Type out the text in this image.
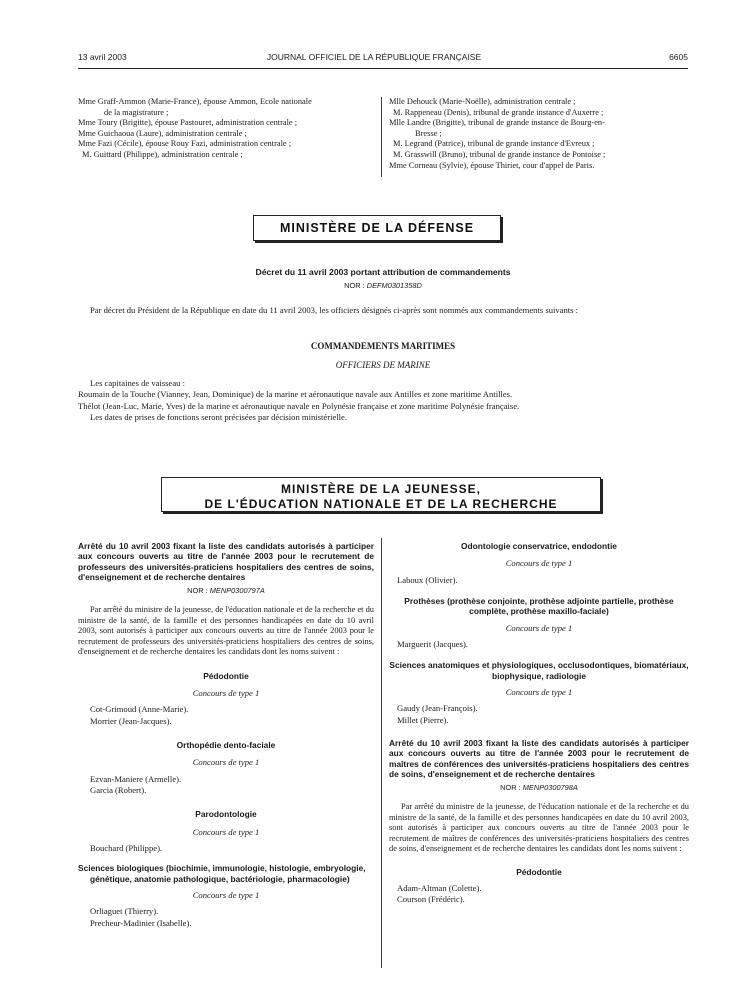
13 avril 2003	JOURNAL OFFICIEL DE LA RÉPUBLIQUE FRANÇAISE	6605

Mme Graff-Ammon (Marie-France), épouse Ammon, Ecole nationale

de la magistrature ;

Mme Toury (Brigitte), épouse Pastouret, administration centrale ;

Mme Guichaoua (Laure), administration centrale ;

Mme Fazi (Cécile), épouse Rouy Fazi, administration centrale ;

M. Guittard (Philippe), administration centrale ;

Mlle Dehouck (Marie-Noëlle), administration centrale ;

M. Rappeneau (Denis), tribunal de grande instance d'Auxerre ;

Mlle Landre (Brigitte), tribunal de grande instance de Bourg-en-

Bresse ;

M. Legrand (Patrice), tribunal de grande instance d'Evreux ;

M. Grasswill (Bruno), tribunal de grande instance de Pontoise ;

Mme Corneau (Sylvie), épouse Thiriet, cour d'appel de Paris.

MINISTÈRE DE LA DÉFENSE
Décret du 11 avril 2003 portant attribution de commandements
NOR : DEFM0301358D
Par décret du Président de la République en date du 11 avril 2003, les officiers désignés ci-après sont nommés aux commandements suivants :
COMMANDEMENTS MARITIMES
OFFICIERS DE MARINE

Les capitaines de vaisseau :

Roumain de la Touche (Vianney, Jean, Dominique) de la marine et aéronautique navale aux Antilles et zone maritime Antilles.

Thélot (Jean-Luc, Marie, Yves) de la marine et aéronautique navale en Polynésie française et zone maritime Polynésie française.

Les dates de prises de fonctions seront précisées par décision ministérielle.

MINISTÈRE DE LA JEUNESSE,
DE L'ÉDUCATION NATIONALE ET DE LA RECHERCHE

Arrêté du 10 avril 2003 fixant la liste des candidats autorisés à participer aux concours ouverts au titre de l'année 2003 pour le recrutement de professeurs des universités-praticiens hospitaliers des centres de soins, d'enseignement et de recherche dentaires

NOR : MENP0300797A

Par arrêté du ministre de la jeunesse, de l'éducation nationale et de la recherche et du ministre de la santé, de la famille et des personnes handicapées en date du 10 avril 2003, sont autorisés à participer aux concours ouverts au titre de l'année 2003 pour le recrutement de professeurs des universités-praticiens hospitaliers des centres de soins, d'enseignement et de recherche dentaires les candidats dont les noms suivent :

Pédodontie

Concours de type 1

Cot-Grimoud (Anne-Marie).

Morrier (Jean-Jacques).

Orthopédie dento-faciale

Concours de type 1

Ezvan-Maniere (Armelle).

Garcia (Robert).

Parodontologie

Concours de type 1

Bouchard (Philippe).

Sciences biologiques (biochimie, immunologie, histologie, embryologie, génétique, anatomie pathologique, bactériologie, pharmacologie)

Concours de type 1

Orliaguet (Thierry).

Precheur-Madinier (Isabelle).

Odontologie conservatrice, endodontie

Concours de type 1

Laboux (Olivier).

Prothèses (prothèse conjointe, prothèse adjointe partielle, prothèse complète, prothèse maxillo-faciale)

Concours de type 1

Marguerit (Jacques).

Sciences anatomiques et physiologiques, occlusodontiques, biomatériaux, biophysique, radiologie

Concours de type 1

Gaudy (Jean-François).

Millet (Pierre).

Arrêté du 10 avril 2003 fixant la liste des candidats autorisés à participer aux concours ouverts au titre de l'année 2003 pour le recrutement de maîtres de conférences des universités-praticiens hospitaliers des centres de soins, d'enseignement et de recherche dentaires

NOR : MENP0300798A

Par arrêté du ministre de la jeunesse, de l'éducation nationale et de la recherche et du ministre de la santé, de la famille et des personnes handicapées en date du 10 avril 2003, sont autorisés à participer aux concours ouverts au titre de l'année 2003 pour le recrutement de maîtres de conférences des universités-praticiens hospitaliers des centres de soins, d'enseignement et de recherche dentaires les candidats dont les noms suivent :

Pédodontie

Adam-Altman (Colette).

Courson (Frédéric).
